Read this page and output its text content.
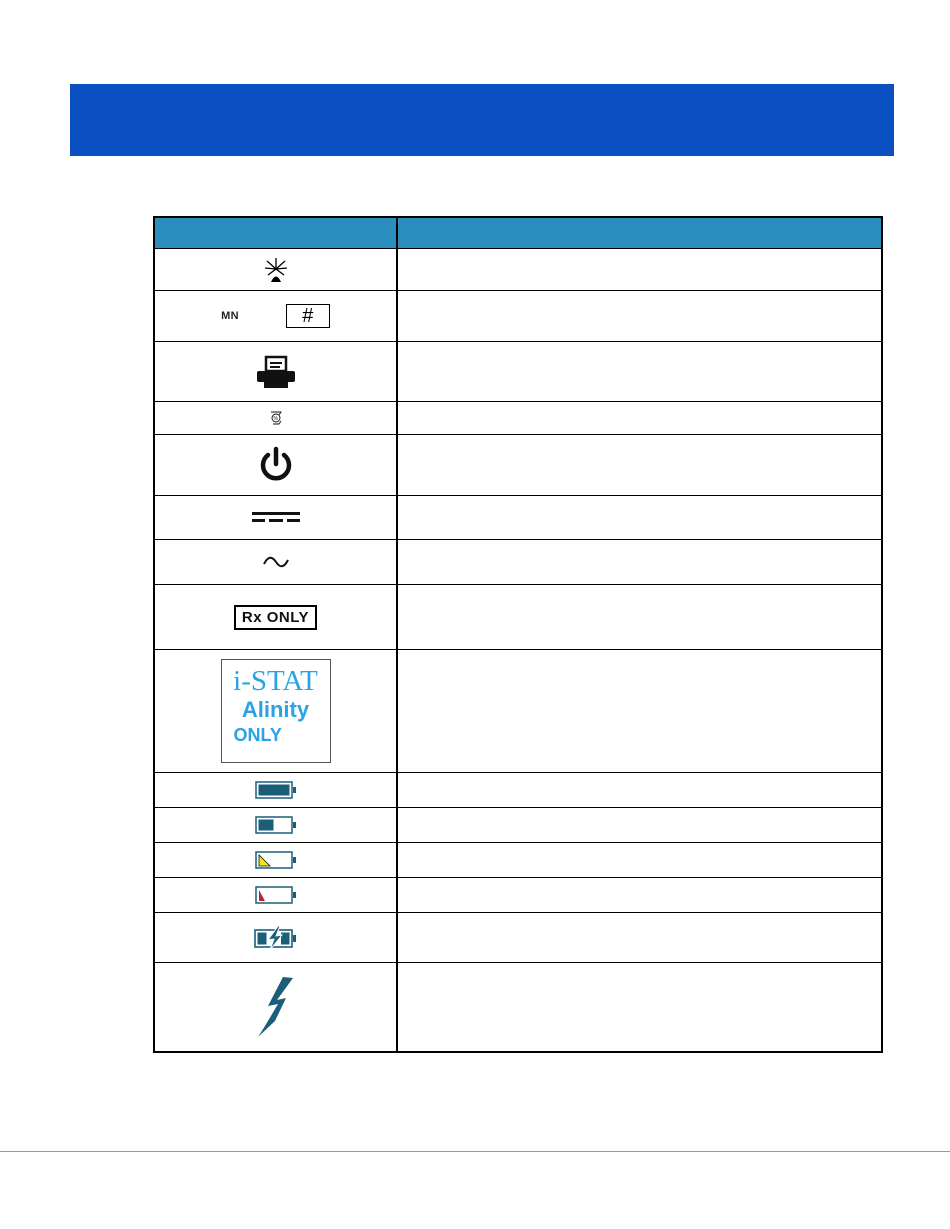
MN #	

%	

Rx ONLY	

i-STAT
Alinity
ONLY	
